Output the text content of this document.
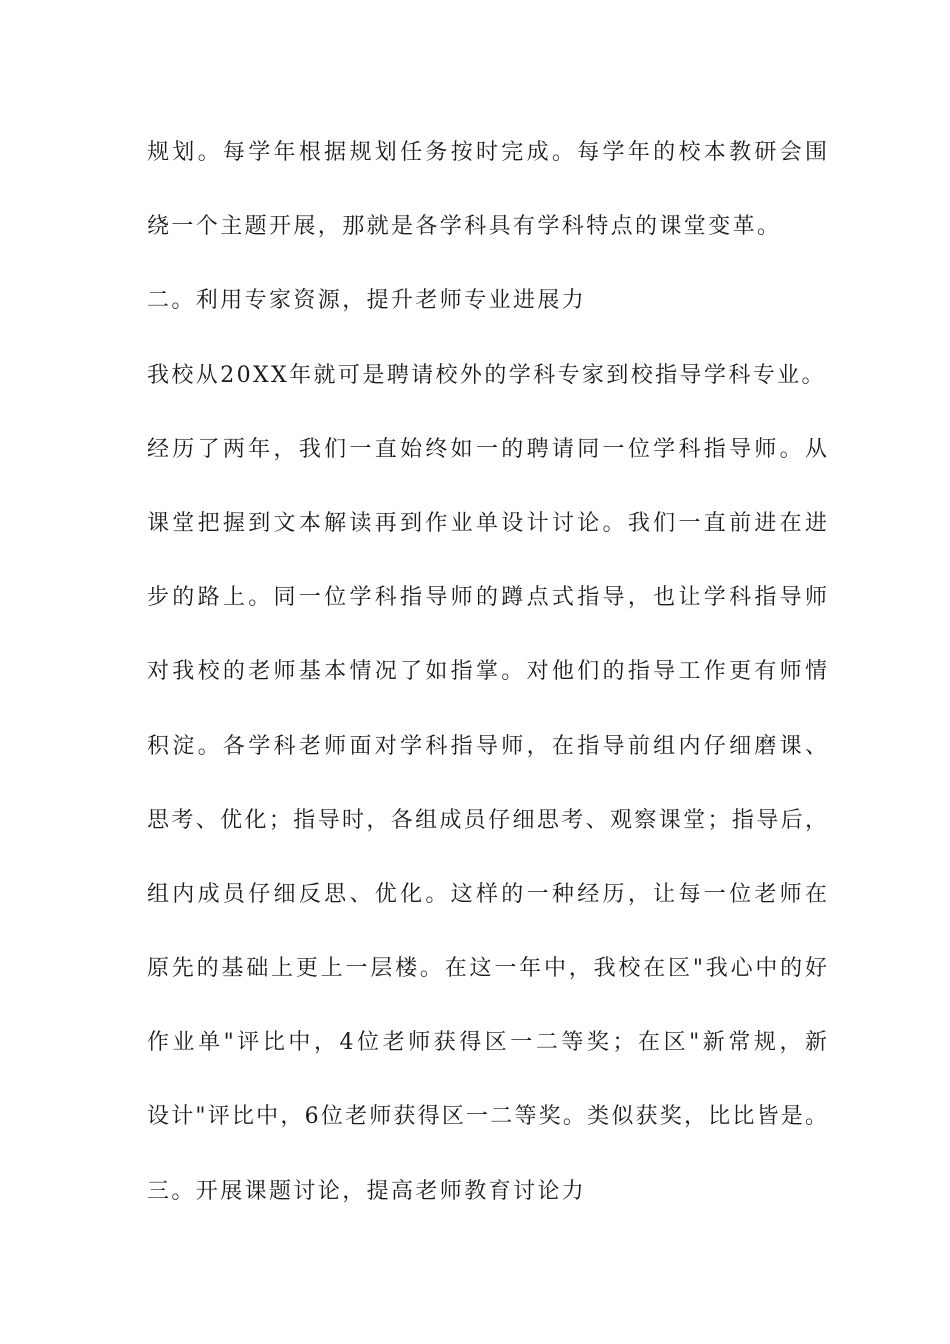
规划。每学年根据规划任务按时完成。每学年的校本教研会围
绕一个主题开展，那就是各学科具有学科特点的课堂变革。
二。利用专家资源，提升老师专业进展力
我校从20XX年就可是聘请校外的学科专家到校指导学科专业。
经历了两年，我们一直始终如一的聘请同一位学科指导师。从
课堂把握到文本解读再到作业单设计讨论。我们一直前进在进
步的路上。同一位学科指导师的蹲点式指导，也让学科指导师
对我校的老师基本情况了如指掌。对他们的指导工作更有师情
积淀。各学科老师面对学科指导师，在指导前组内仔细磨课、
思考、优化；指导时，各组成员仔细思考、观察课堂；指导后，
组内成员仔细反思、优化。这样的一种经历，让每一位老师在
原先的基础上更上一层楼。在这一年中，我校在区"我心中的好
作业单"评比中，4位老师获得区一二等奖；在区"新常规，新
设计"评比中，6位老师获得区一二等奖。类似获奖，比比皆是。
三。开展课题讨论，提高老师教育讨论力
